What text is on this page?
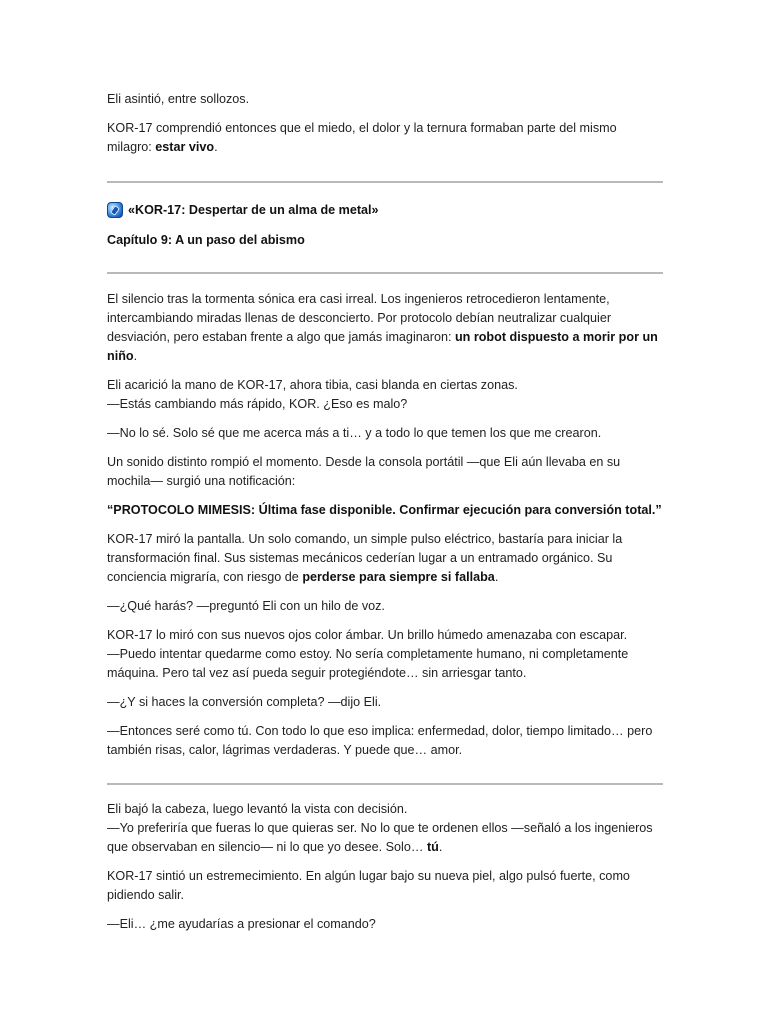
Eli asintió, entre sollozos.

KOR-17 comprendió entonces que el miedo, el dolor y la ternura formaban parte del mismo milagro: estar vivo.

«KOR-17: Despertar de un alma de metal»

Capítulo 9: A un paso del abismo

El silencio tras la tormenta sónica era casi irreal. Los ingenieros retrocedieron lentamente, intercambiando miradas llenas de desconcierto. Por protocolo debían neutralizar cualquier desviación, pero estaban frente a algo que jamás imaginaron: un robot dispuesto a morir por un niño.

Eli acarició la mano de KOR-17, ahora tibia, casi blanda en ciertas zonas.
—Estás cambiando más rápido, KOR. ¿Eso es malo?

—No lo sé. Solo sé que me acerca más a ti… y a todo lo que temen los que me crearon.

Un sonido distinto rompió el momento. Desde la consola portátil —que Eli aún llevaba en su mochila— surgió una notificación:

“PROTOCOLO MIMESIS: Última fase disponible. Confirmar ejecución para conversión total.”

KOR-17 miró la pantalla. Un solo comando, un simple pulso eléctrico, bastaría para iniciar la transformación final. Sus sistemas mecánicos cederían lugar a un entramado orgánico. Su conciencia migraría, con riesgo de perderse para siempre si fallaba.

—¿Qué harás? —preguntó Eli con un hilo de voz.

KOR-17 lo miró con sus nuevos ojos color ámbar. Un brillo húmedo amenazaba con escapar.
—Puedo intentar quedarme como estoy. No sería completamente humano, ni completamente máquina. Pero tal vez así pueda seguir protegiéndote… sin arriesgar tanto.

—¿Y si haces la conversión completa? —dijo Eli.

—Entonces seré como tú. Con todo lo que eso implica: enfermedad, dolor, tiempo limitado… pero también risas, calor, lágrimas verdaderas. Y puede que… amor.

Eli bajó la cabeza, luego levantó la vista con decisión.
—Yo preferiría que fueras lo que quieras ser. No lo que te ordenen ellos —señaló a los ingenieros que observaban en silencio— ni lo que yo desee. Solo… tú.

KOR-17 sintió un estremecimiento. En algún lugar bajo su nueva piel, algo pulsó fuerte, como pidiendo salir.

—Eli… ¿me ayudarías a presionar el comando?
